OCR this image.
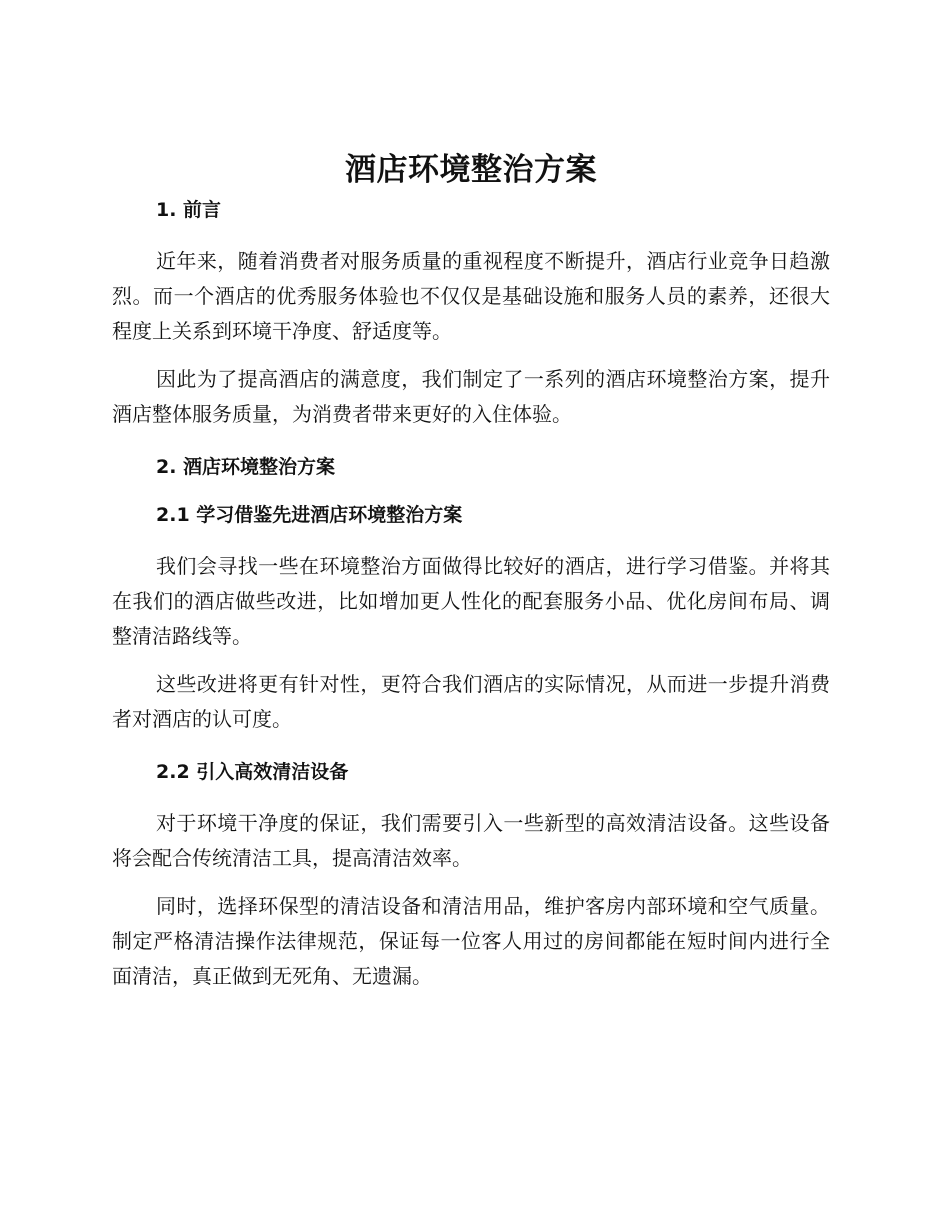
酒店环境整治方案
1. 前言

近年来，随着消费者对服务质量的重视程度不断提升，酒店行业竞争日趋激烈。而一个酒店的优秀服务体验也不仅仅是基础设施和服务人员的素养，还很大程度上关系到环境干净度、舒适度等。

因此为了提高酒店的满意度，我们制定了一系列的酒店环境整治方案，提升酒店整体服务质量，为消费者带来更好的入住体验。

2. 酒店环境整治方案
2.1 学习借鉴先进酒店环境整治方案

我们会寻找一些在环境整治方面做得比较好的酒店，进行学习借鉴。并将其在我们的酒店做些改进，比如增加更人性化的配套服务小品、优化房间布局、调整清洁路线等。

这些改进将更有针对性，更符合我们酒店的实际情况，从而进一步提升消费者对酒店的认可度。

2.2 引入高效清洁设备

对于环境干净度的保证，我们需要引入一些新型的高效清洁设备。这些设备将会配合传统清洁工具，提高清洁效率。

同时，选择环保型的清洁设备和清洁用品，维护客房内部环境和空气质量。制定严格清洁操作法律规范，保证每一位客人用过的房间都能在短时间内进行全面清洁，真正做到无死角、无遗漏。
